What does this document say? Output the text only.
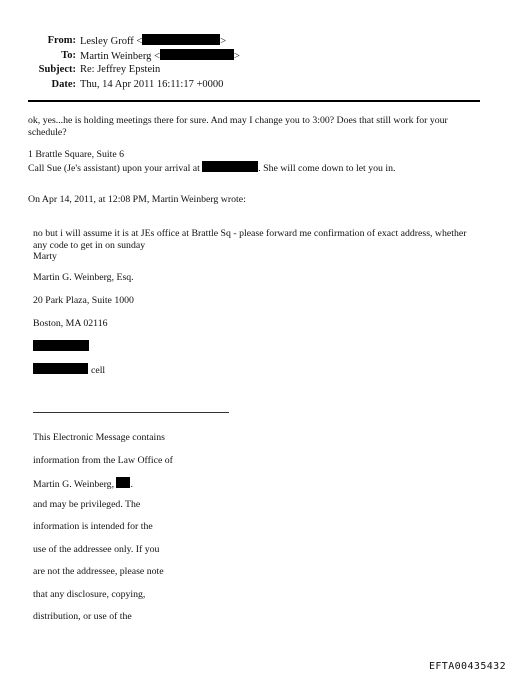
From: Lesley Groff <	>
To: Martin Weinberg <	>
Subject: Re: Jeffrey Epstein
Date: Thu, 14 Apr 2011 16:11:17 +0000
ok, yes...he is holding meetings there for sure. And may I change you to 3:00? Does that still work for your
schedule?
1 Brattle Square, Suite 6
Call Sue (Je's assistant) upon your arrival at	. She will come down to let you in.
On Apr 14, 2011, at 12:08 PM, Martin Weinberg wrote:
no but i will assume it is at JEs office at Brattle Sq - please forward me confirmation of exact address, whether
any code to get in on sunday
Marty
Martin G. Weinberg, Esq.
20 Park Plaza, Suite 1000
Boston, MA 02116
cell
This Electronic Message contains
information from the Law Office of
Martin G. Weinberg, .
and may be privileged. The
information is intended for the
use of the addressee only. If you
are not the addressee, please note
that any disclosure, copying,
distribution, or use of the
EFTA00435432
